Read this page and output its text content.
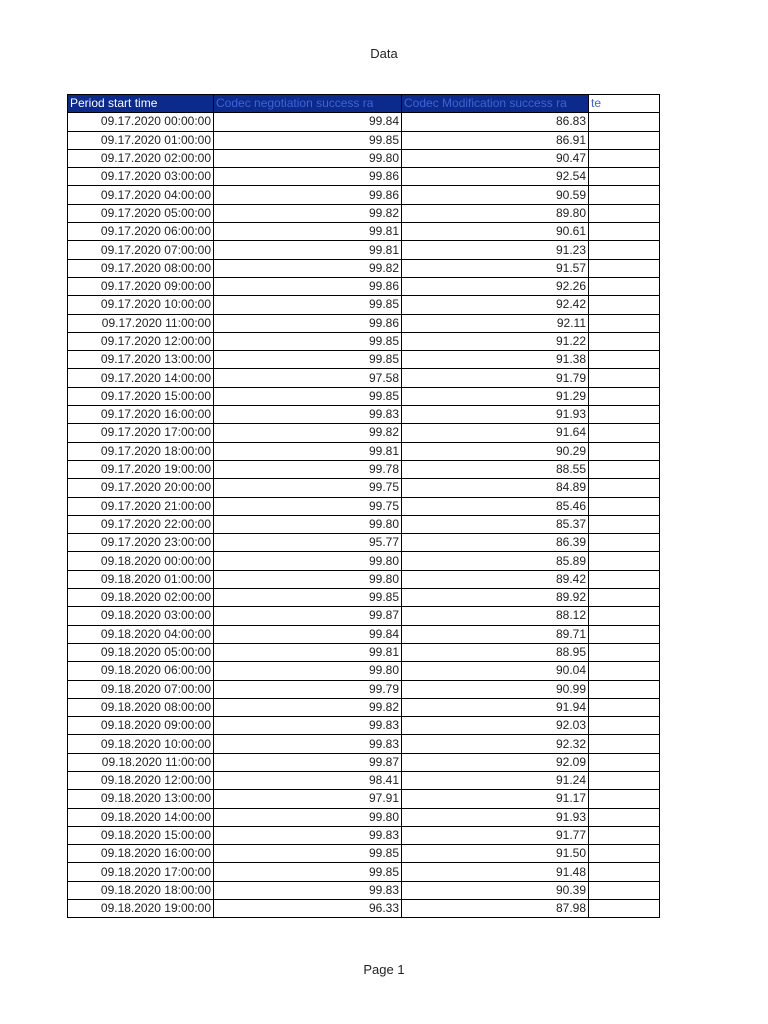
Data
Period start time	Codec negotiation success ra	Codec Modification success ra	te
09.17.2020 00:00:00	99.84	86.83	
09.17.2020 01:00:00	99.85	86.91	
09.17.2020 02:00:00	99.80	90.47	
09.17.2020 03:00:00	99.86	92.54	
09.17.2020 04:00:00	99.86	90.59	
09.17.2020 05:00:00	99.82	89.80	
09.17.2020 06:00:00	99.81	90.61	
09.17.2020 07:00:00	99.81	91.23	
09.17.2020 08:00:00	99.82	91.57	
09.17.2020 09:00:00	99.86	92.26	
09.17.2020 10:00:00	99.85	92.42	
09.17.2020 11:00:00	99.86	92.11	
09.17.2020 12:00:00	99.85	91.22	
09.17.2020 13:00:00	99.85	91.38	
09.17.2020 14:00:00	97.58	91.79	
09.17.2020 15:00:00	99.85	91.29	
09.17.2020 16:00:00	99.83	91.93	
09.17.2020 17:00:00	99.82	91.64	
09.17.2020 18:00:00	99.81	90.29	
09.17.2020 19:00:00	99.78	88.55	
09.17.2020 20:00:00	99.75	84.89	
09.17.2020 21:00:00	99.75	85.46	
09.17.2020 22:00:00	99.80	85.37	
09.17.2020 23:00:00	95.77	86.39	
09.18.2020 00:00:00	99.80	85.89	
09.18.2020 01:00:00	99.80	89.42	
09.18.2020 02:00:00	99.85	89.92	
09.18.2020 03:00:00	99.87	88.12	
09.18.2020 04:00:00	99.84	89.71	
09.18.2020 05:00:00	99.81	88.95	
09.18.2020 06:00:00	99.80	90.04	
09.18.2020 07:00:00	99.79	90.99	
09.18.2020 08:00:00	99.82	91.94	
09.18.2020 09:00:00	99.83	92.03	
09.18.2020 10:00:00	99.83	92.32	
09.18.2020 11:00:00	99.87	92.09	
09.18.2020 12:00:00	98.41	91.24	
09.18.2020 13:00:00	97.91	91.17	
09.18.2020 14:00:00	99.80	91.93	
09.18.2020 15:00:00	99.83	91.77	
09.18.2020 16:00:00	99.85	91.50	
09.18.2020 17:00:00	99.85	91.48	
09.18.2020 18:00:00	99.83	90.39	
09.18.2020 19:00:00	96.33	87.98	
Page 1
